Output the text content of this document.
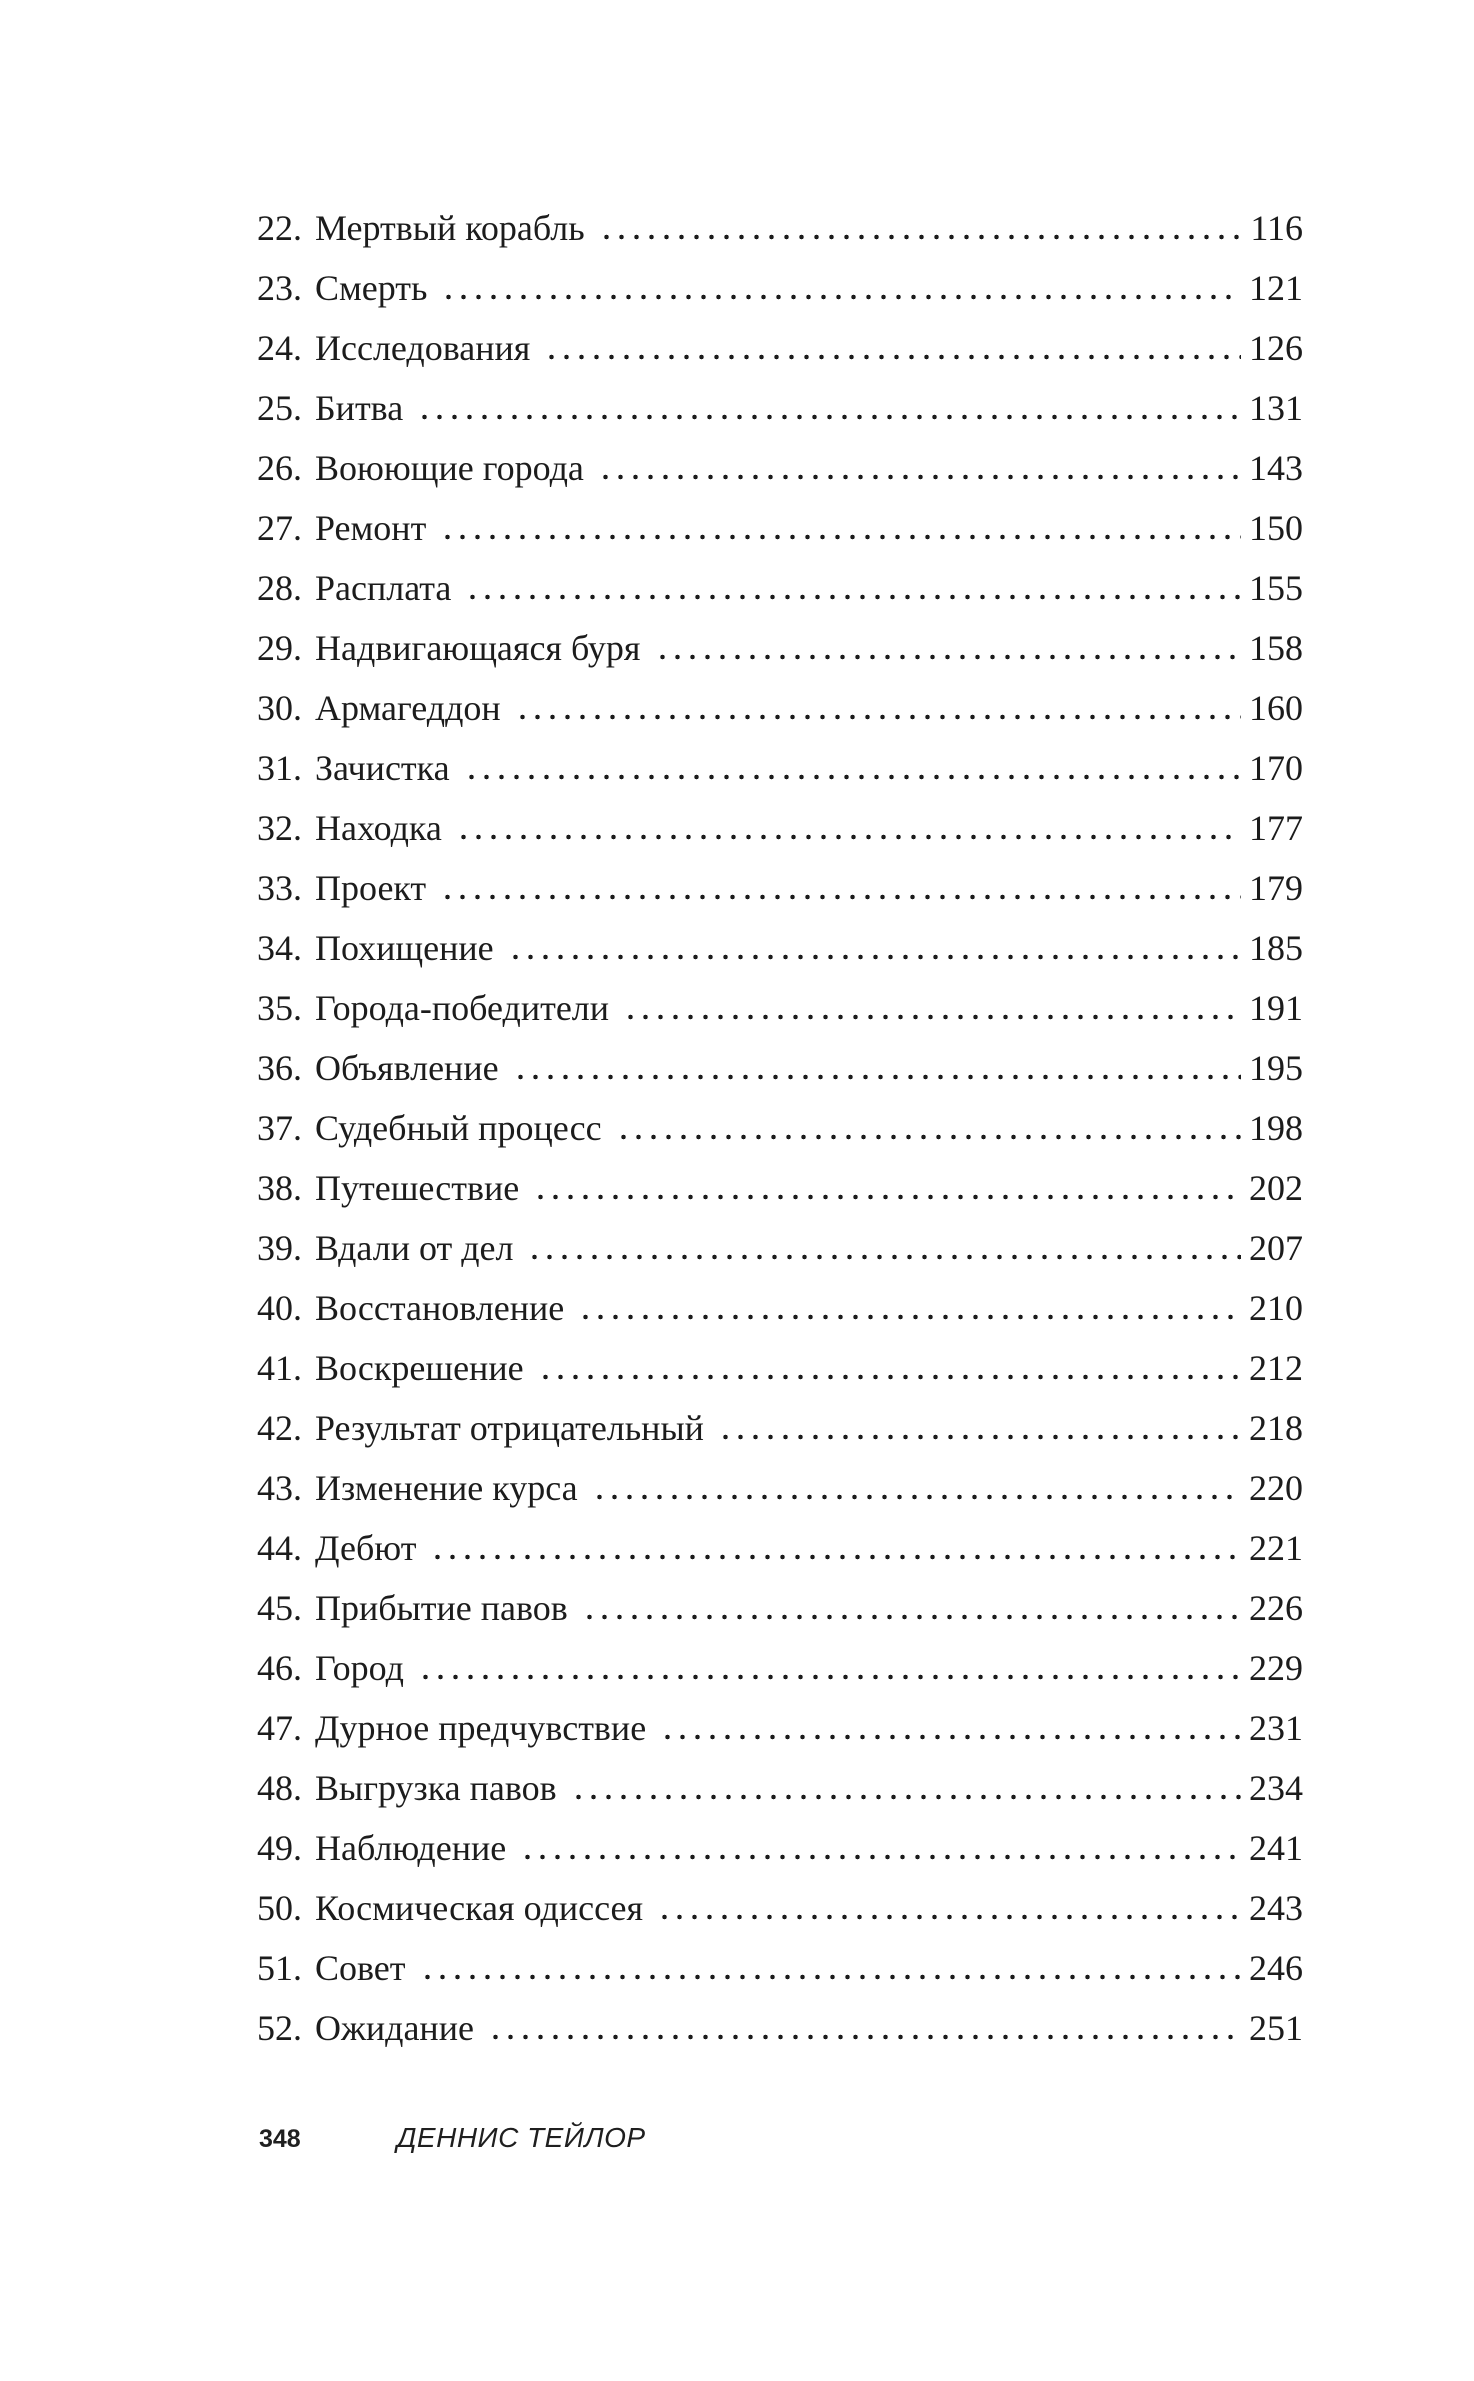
22. Мертвый корабль	116
23. Смерть	121
24. Исследования	126
25. Битва	131
26. Воюющие города	143
27. Ремонт	150
28. Расплата	155
29. Надвигающаяся буря	158
30. Армагеддон	160
31. Зачистка	170
32. Находка	177
33. Проект	179
34. Похищение	185
35. Города-победители	191
36. Объявление	195
37. Судебный процесс	198
38. Путешествие	202
39. Вдали от дел	207
40. Восстановление	210
41. Воскрешение	212
42. Результат отрицательный	218
43. Изменение курса	220
44. Дебют	221
45. Прибытие павов	226
46. Город	229
47. Дурное предчувствие	231
48. Выгрузка павов	234
49. Наблюдение	241
50. Космическая одиссея	243
51. Совет	246
52. Ожидание	251
348	ДЕННИС ТЕЙЛОР
